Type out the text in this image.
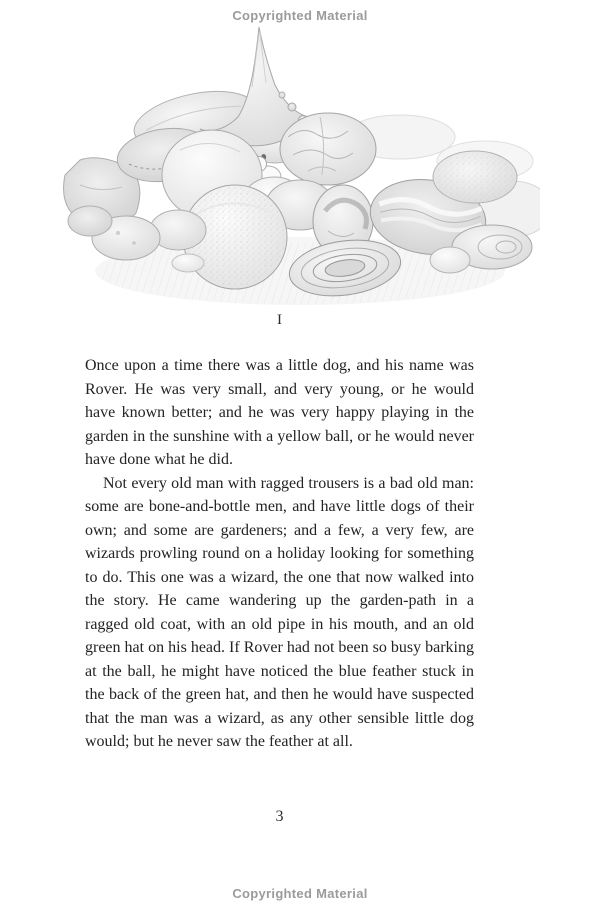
Copyrighted Material
I

Once upon a time there was a little dog, and his name was Rover. He was very small, and very young, or he would have known better; and he was very happy playing in the garden in the sunshine with a yellow ball, or he would never have done what he did.

Not every old man with ragged trousers is a bad old man: some are bone-and-bottle men, and have little dogs of their own; and some are gardeners; and a few, a very few, are wizards prowling round on a holiday looking for something to do. This one was a wizard, the one that now walked into the story. He came wandering up the garden-path in a ragged old coat, with an old pipe in his mouth, and an old green hat on his head. If Rover had not been so busy barking at the ball, he might have noticed the blue feather stuck in the back of the green hat, and then he would have suspected that the man was a wizard, as any other sensible little dog would; but he never saw the feather at all.

3
Copyrighted Material
